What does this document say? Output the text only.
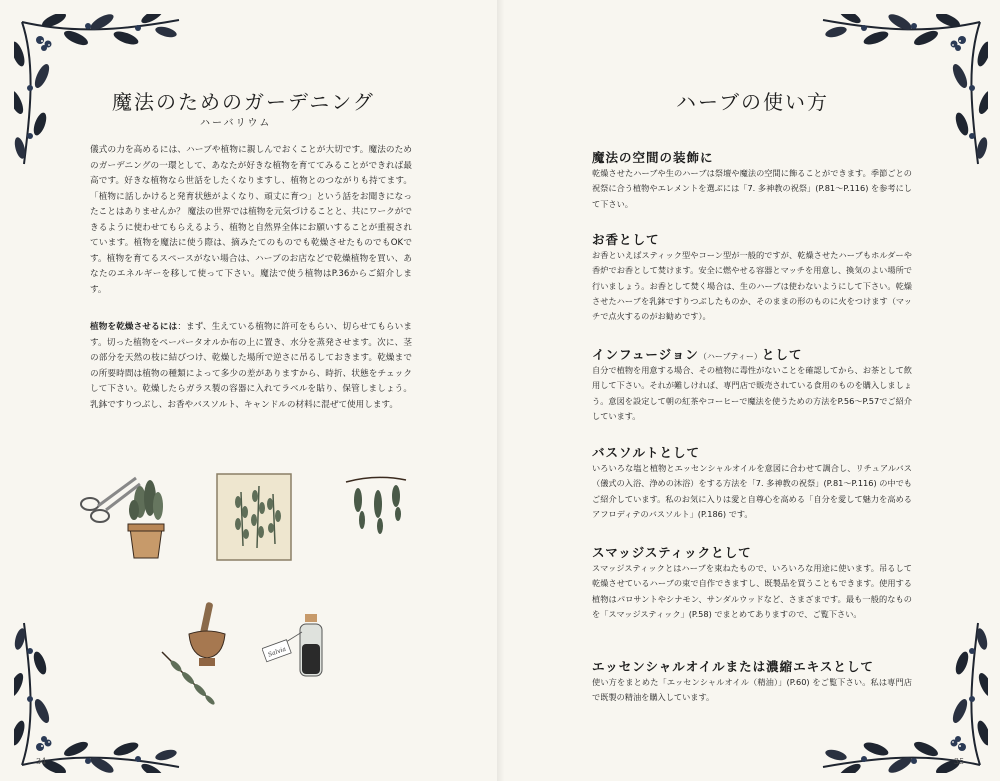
魔法のためのガーデニング
ハーバリウム
儀式の力を高めるには、ハーブや植物に親しんでおくことが大切です。魔法のためのガーデニングの一環として、あなたが好きな植物を育ててみることができれば最高です。好きな植物なら世話をしたくなりますし、植物とのつながりも持てます。「植物に話しかけると発育状態がよくなり、頑丈に育つ」という話をお聞きになったことはありませんか？ 魔法の世界では植物を元気づけることと、共にワークができるように使わせてもらえるよう、植物と自然界全体にお願いすることが重視されています。植物を魔法に使う際は、摘みたてのものでも乾燥させたものでもOKです。植物を育てるスペースがない場合は、ハーブのお店などで乾燥植物を買い、あなたのエネルギーを移して使って下さい。魔法で使う植物はP.36からご紹介します。
植物を乾燥させるには：まず、生えている植物に許可をもらい、切らせてもらいます。切った植物をペーパータオルか布の上に置き、水分を蒸発させます。次に、茎の部分を天然の枝に結びつけ、乾燥した場所で逆さに吊るしておきます。乾燥までの所要時間は植物の種類によって多少の差がありますから、時折、状態をチェックして下さい。乾燥したらガラス製の容器に入れてラベルを貼り、保管しましょう。乳鉢ですりつぶし、お香やバスソルト、キャンドルの材料に混ぜて使用します。
Salvia
34
ハーブの使い方
魔法の空間の装飾に
乾燥させたハーブや生のハーブは祭壇や魔法の空間に飾ることができます。季節ごとの祝祭に合う植物やエレメントを選ぶには「7. 多神教の祝祭」(P.81〜P.116) を参考にして下さい。
お香として
お香といえばスティック型やコーン型が一般的ですが、乾燥させたハーブもホルダーや香炉でお香として焚けます。安全に燃やせる容器とマッチを用意し、換気のよい場所で行いましょう。お香として焚く場合は、生のハーブは使わないようにして下さい。乾燥させたハーブを乳鉢ですりつぶしたものか、そのままの形のものに火をつけます（マッチで点火するのがお勧めです）。
インフュージョン（ハーブティー）として
自分で植物を用意する場合、その植物に毒性がないことを確認してから、お茶として飲用して下さい。それが難しければ、専門店で販売されている食用のものを購入しましょう。意図を設定して朝の紅茶やコーヒーで魔法を使うための方法をP.56〜P.57でご紹介しています。
バスソルトとして
いろいろな塩と植物とエッセンシャルオイルを意図に合わせて調合し、リチュアルバス（儀式の入浴、浄めの沐浴）をする方法を「7. 多神教の祝祭」(P.81〜P.116) の中でもご紹介しています。私のお気に入りは愛と自尊心を高める「自分を愛して魅力を高めるアフロディテのバスソルト」(P.186) です。
スマッジスティックとして
スマッジスティックとはハーブを束ねたもので、いろいろな用途に使います。吊るして乾燥させているハーブの束で自作できますし、既製品を買うこともできます。使用する植物はパロサントやシナモン、サンダルウッドなど、さまざまです。最も一般的なものを「スマッジスティック」(P.58) でまとめてありますので、ご覧下さい。
エッセンシャルオイルまたは濃縮エキスとして
使い方をまとめた「エッセンシャルオイル（精油）」(P.60) をご覧下さい。私は専門店で既製の精油を購入しています。
35
